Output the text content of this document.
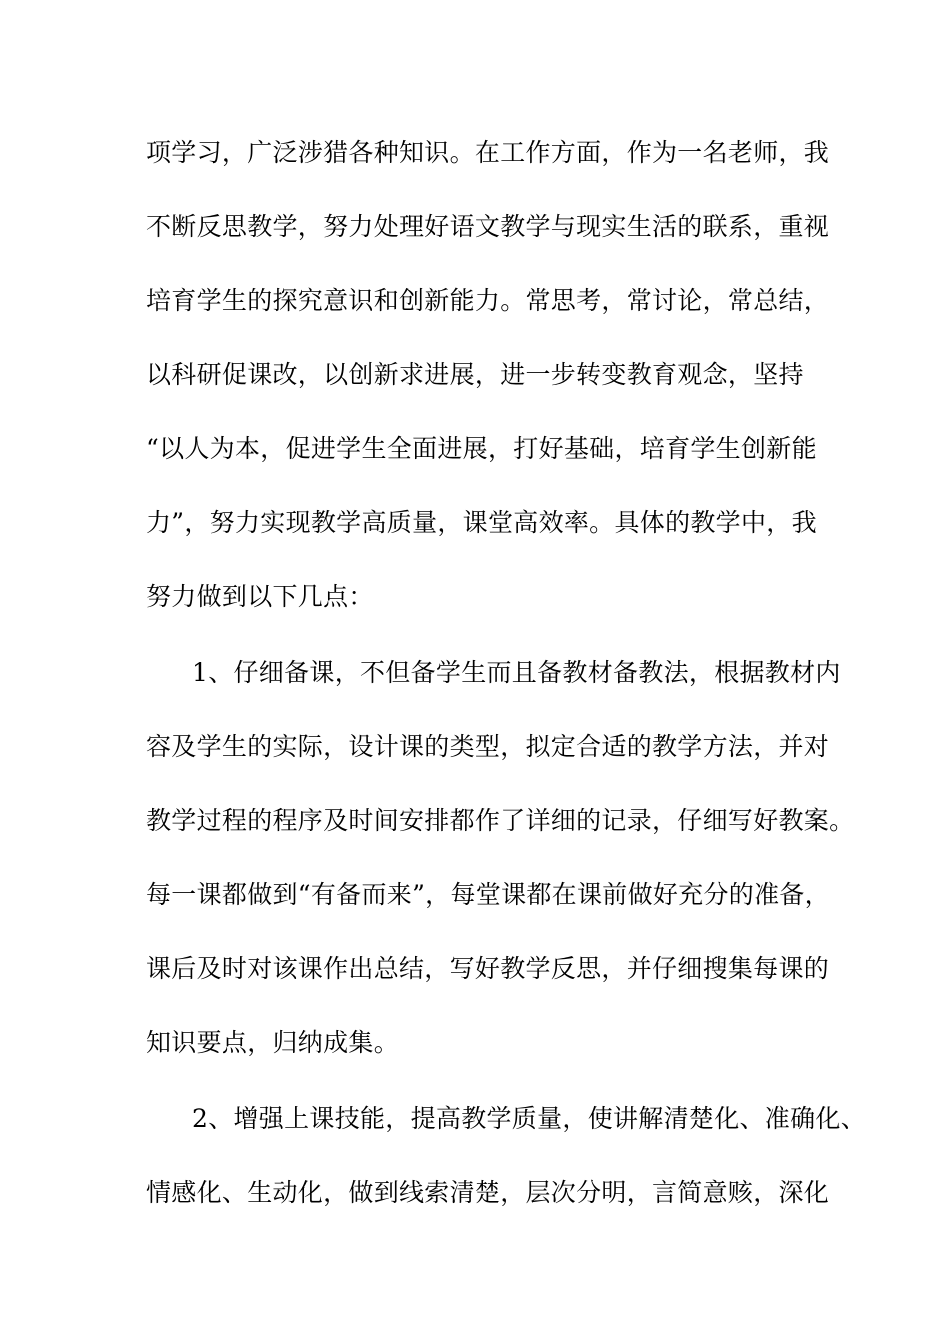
项学习，广泛涉猎各种知识。在工作方面，作为一名老师，我
不断反思教学，努力处理好语文教学与现实生活的联系，重视
培育学生的探究意识和创新能力。常思考，常讨论，常总结，
以科研促课改，以创新求进展，进一步转变教育观念，坚持
“以人为本，促进学生全面进展，打好基础，培育学生创新能
力”，努力实现教学高质量，课堂高效率。具体的教学中，我
努力做到以下几点：
1、仔细备课，不但备学生而且备教材备教法，根据教材内
容及学生的实际，设计课的类型，拟定合适的教学方法，并对
教学过程的程序及时间安排都作了详细的记录，仔细写好教案。
每一课都做到“有备而来”，每堂课都在课前做好充分的准备，
课后及时对该课作出总结，写好教学反思，并仔细搜集每课的
知识要点，归纳成集。
2、增强上课技能，提高教学质量，使讲解清楚化、准确化、
情感化、生动化，做到线索清楚，层次分明，言简意赅，深化
